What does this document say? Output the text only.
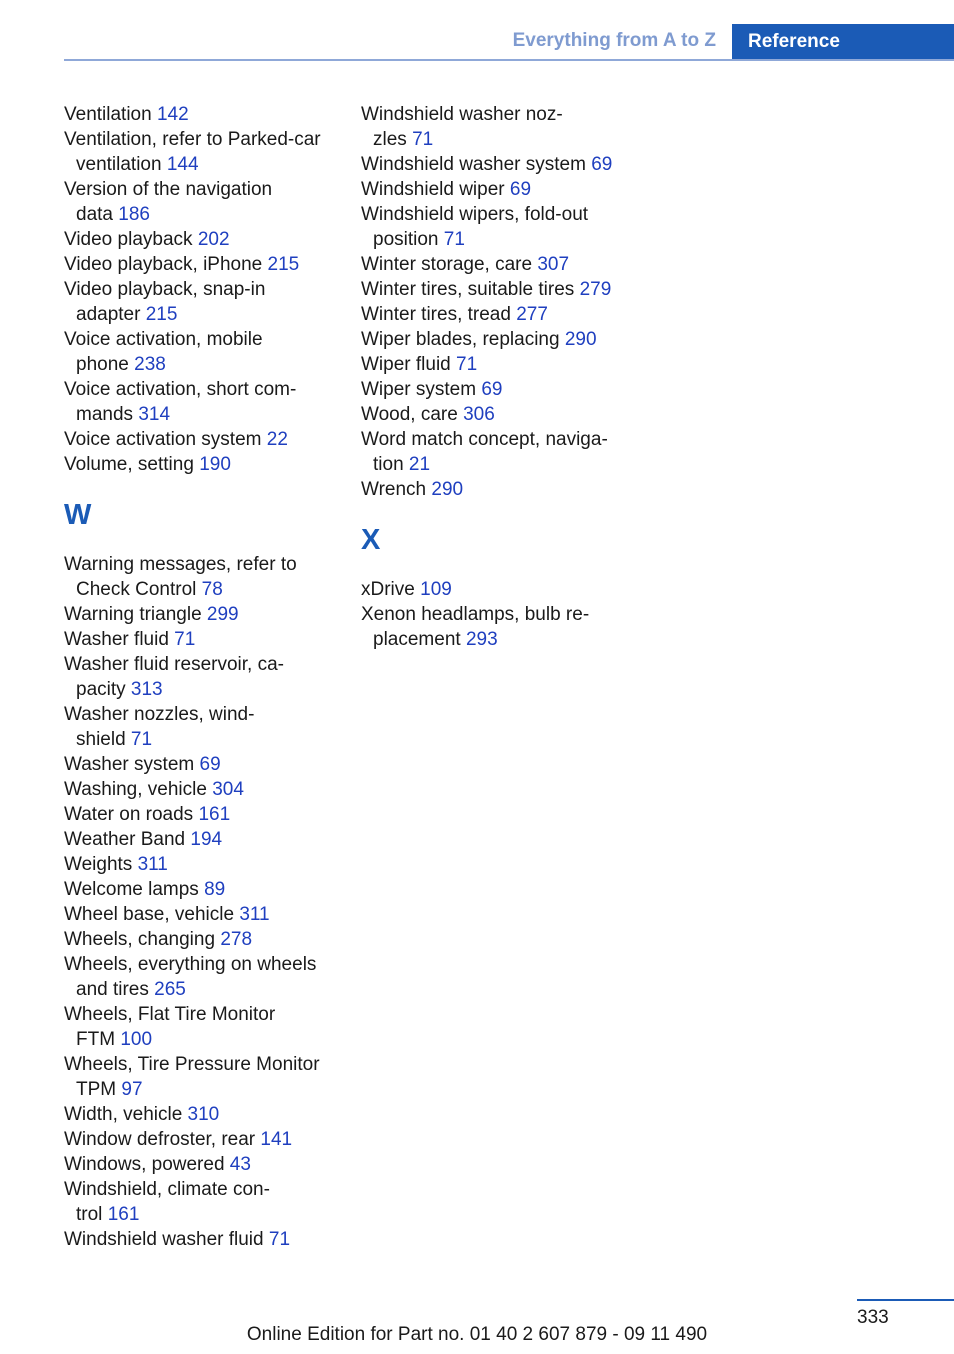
Everything from A to Z	Reference
Ventilation 142
Ventilation, refer to Parked-car
ventilation 144
Version of the navigation
data 186
Video playback 202
Video playback, iPhone 215
Video playback, snap-in
adapter 215
Voice activation, mobile
phone 238
Voice activation, short com-
mands 314
Voice activation system 22
Volume, setting 190
W
Warning messages, refer to
Check Control 78
Warning triangle 299
Washer fluid 71
Washer fluid reservoir, ca-
pacity 313
Washer nozzles, wind-
shield 71
Washer system 69
Washing, vehicle 304
Water on roads 161
Weather Band 194
Weights 311
Welcome lamps 89
Wheel base, vehicle 311
Wheels, changing 278
Wheels, everything on wheels
and tires 265
Wheels, Flat Tire Monitor
FTM 100
Wheels, Tire Pressure Monitor
TPM 97
Width, vehicle 310
Window defroster, rear 141
Windows, powered 43
Windshield, climate con-
trol 161
Windshield washer fluid 71
Windshield washer noz-
zles 71
Windshield washer system 69
Windshield wiper 69
Windshield wipers, fold-out
position 71
Winter storage, care 307
Winter tires, suitable tires 279
Winter tires, tread 277
Wiper blades, replacing 290
Wiper fluid 71
Wiper system 69
Wood, care 306
Word match concept, naviga-
tion 21
Wrench 290
X
xDrive 109
Xenon headlamps, bulb re-
placement 293
333
Online Edition for Part no. 01 40 2 607 879 - 09 11 490
